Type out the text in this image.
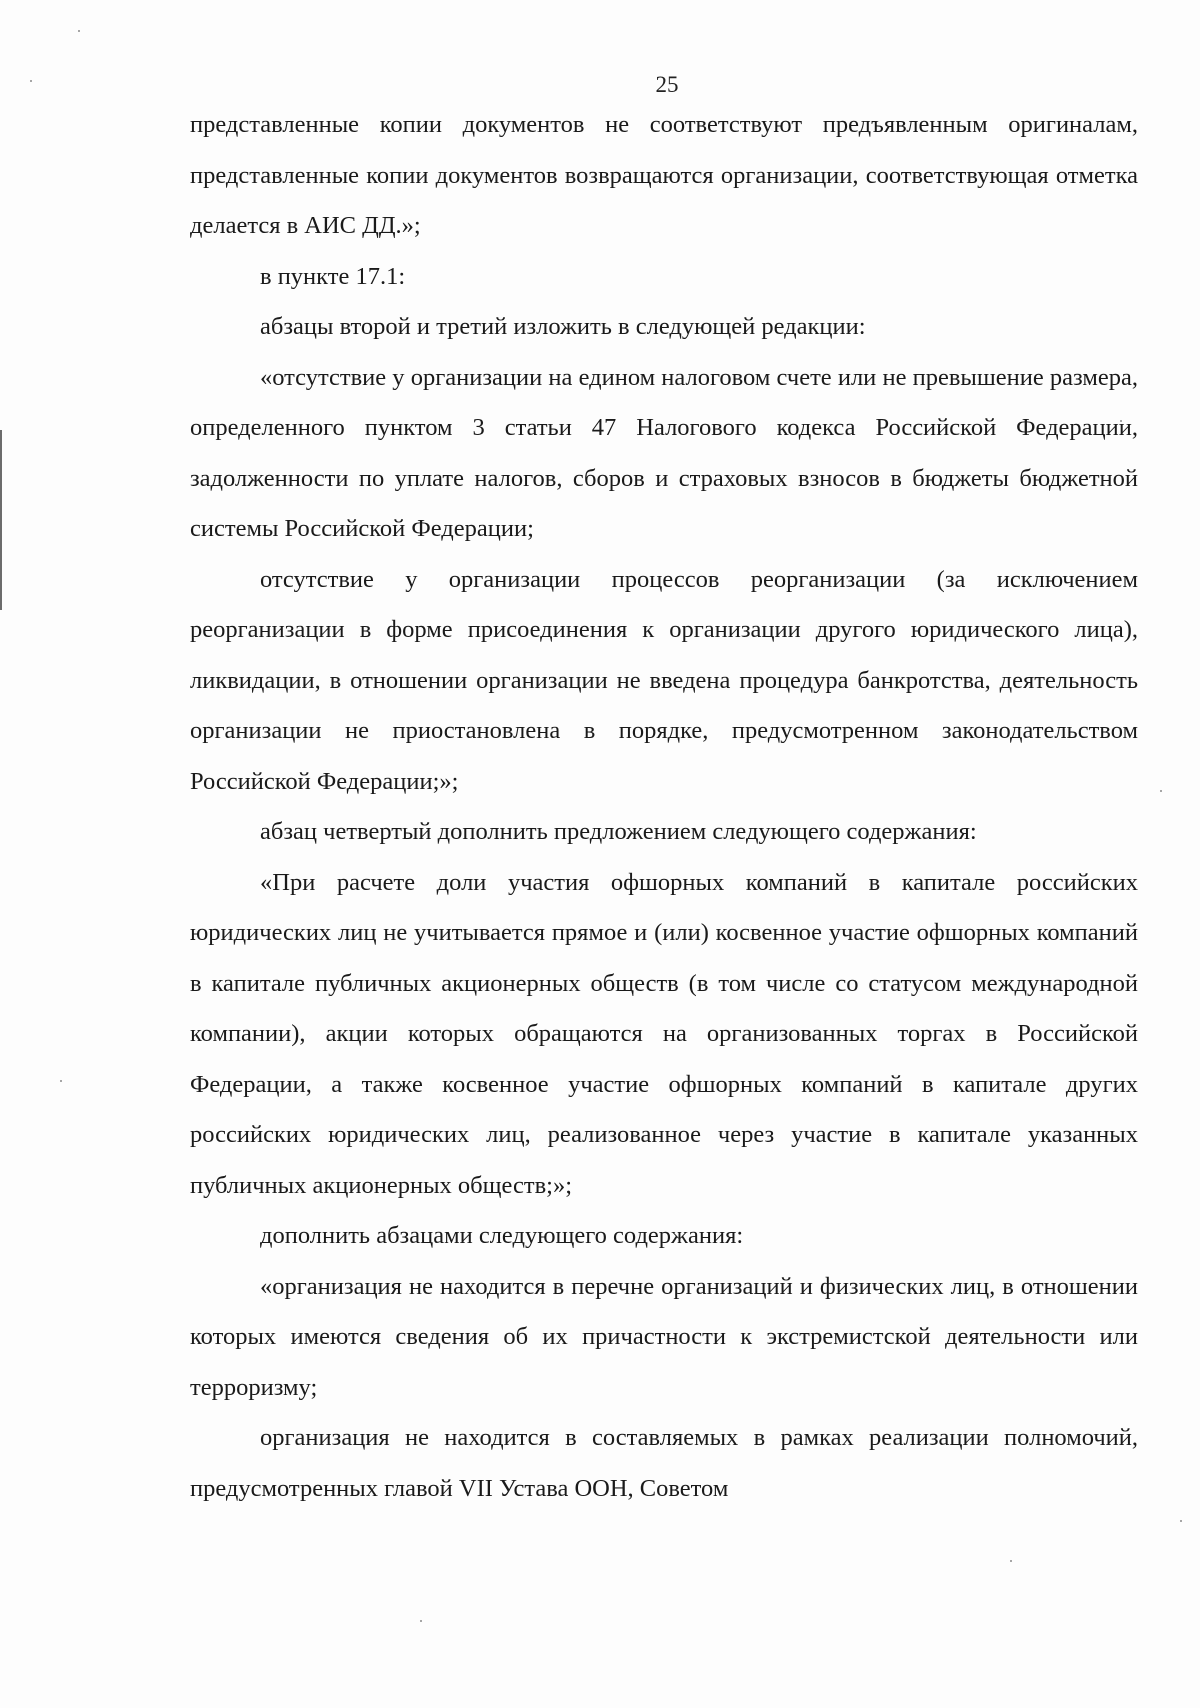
25

представленные копии документов не соответствуют предъявленным оригиналам, представленные копии документов возвращаются организации, соответствующая отметка делается в АИС ДД.»;

в пункте 17.1:

абзацы второй и третий изложить в следующей редакции:

«отсутствие у организации на едином налоговом счете или не превышение размера, определенного пунктом 3 статьи 47 Налогового кодекса Российской Федерации, задолженности по уплате налогов, сборов и страховых взносов в бюджеты бюджетной системы Российской Федерации;

отсутствие у организации процессов реорганизации (за исключением реорганизации в форме присоединения к организации другого юридического лица), ликвидации, в отношении организации не введена процедура банкротства, деятельность организации не приостановлена в порядке, предусмотренном законодательством Российской Федерации;»;

абзац четвертый дополнить предложением следующего содержания:

«При расчете доли участия офшорных компаний в капитале российских юридических лиц не учитывается прямое и (или) косвенное участие офшорных компаний в капитале публичных акционерных обществ (в том числе со статусом международной компании), акции которых обращаются на организованных торгах в Российской Федерации, а также косвенное участие офшорных компаний в капитале других российских юридических лиц, реализованное через участие в капитале указанных публичных акционерных обществ;»;

дополнить абзацами следующего содержания:

«организация не находится в перечне организаций и физических лиц, в отношении которых имеются сведения об их причастности к экстремистской деятельности или терроризму;

организация не находится в составляемых в рамках реализации полномочий, предусмотренных главой VII Устава ООН, Советом
